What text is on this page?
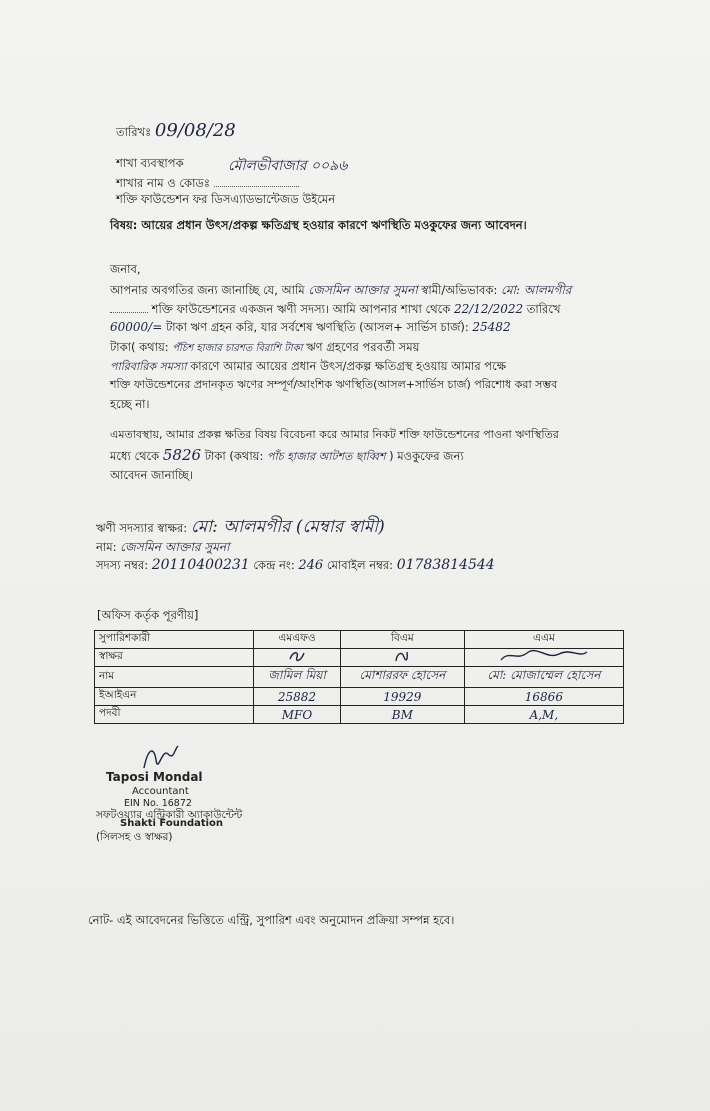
তারিখঃ 09/08/28
শাখা ব্যবস্থাপক
শাখার নাম ও কোডঃ
মৌলভীবাজার ০০৯৬
শক্তি ফাউন্ডেশন ফর ডিসএ্যাডভান্টেজড উইমেন
বিষয়: আয়ের প্রধান উৎস/প্রকল্প ক্ষতিগ্রস্থ হওয়ার কারণে ঋণস্থিতি মওকুফের জন্য আবেদন।
জনাব,
আপনার অবগতির জন্য জানাচ্ছি যে, আমি জেসমিন আক্তার সুমনা স্বামী/অভিভাবক: মো: আলমগীর
শক্তি ফাউন্ডেশনের একজন ঋণী সদস্য। আমি আপনার শাখা থেকে 22/12/2022 তারিখে
60000/= টাকা ঋণ গ্রহন করি, যার সর্বশেষ ঋণস্থিতি (আসল+ সার্ভিস চার্জ): 25482
টাকা( কথায়: পঁচিশ হাজার চারশত বিরাশি টাকা ঋণ গ্রহণের পরবর্তী সময়
পারিবারিক সমস্যা কারণে আমার আয়ের প্রধান উৎস/প্রকল্প ক্ষতিগ্রস্থ হওয়ায় আমার পক্ষে
শক্তি ফাউন্ডেশনের প্রদানকৃত ঋণের সম্পূর্ণ/আংশিক ঋণস্থিতি(আসল+সার্ভিস চার্জ) পরিশোধ করা সম্ভব
হচ্ছে না।
এমতাবস্থায়, আমার প্রকল্প ক্ষতির বিষয় বিবেচনা করে আমার নিকট শক্তি ফাউন্ডেশনের পাওনা ঋণস্থিতির
মধ্যে থেকে 5826 টাকা (কথায়: পাঁচ হাজার আটশত ছাব্বিশ ) মওকুফের জন্য
আবেদন জানাচ্ছি।
ঋণী সদস্যার স্বাক্ষর: মো: আলমগীর (মেম্বার স্বামী)
নাম: জেসমিন আক্তার সুমনা
সদস্য নম্বর: 20110400231 কেন্দ্র নং: 246 মোবাইল নম্বর: 01783814544
[অফিস কর্তৃক পূরণীয়]
সুপারিশকারী	এমএফও	বিএম	এএম
স্বাক্ষর			
নাম	জামিল মিয়া	মোশাররফ হোসেন	মো: মোজাম্মেল হোসেন
ইআইএন	25882	19929	16866
পদবী	MFO	BM	A,M,
Taposi Mondal
Accountant
EIN No. 16872
সফটওয়্যার এন্ট্রিকারী অ্যাকাউন্টেন্ট
Shakti Foundation
(সিলসহ ও স্বাক্ষর)
নোট- এই আবেদনের ভিত্তিতে এন্ট্রি, সুপারিশ এবং অনুমোদন প্রক্রিয়া সম্পন্ন হবে।
